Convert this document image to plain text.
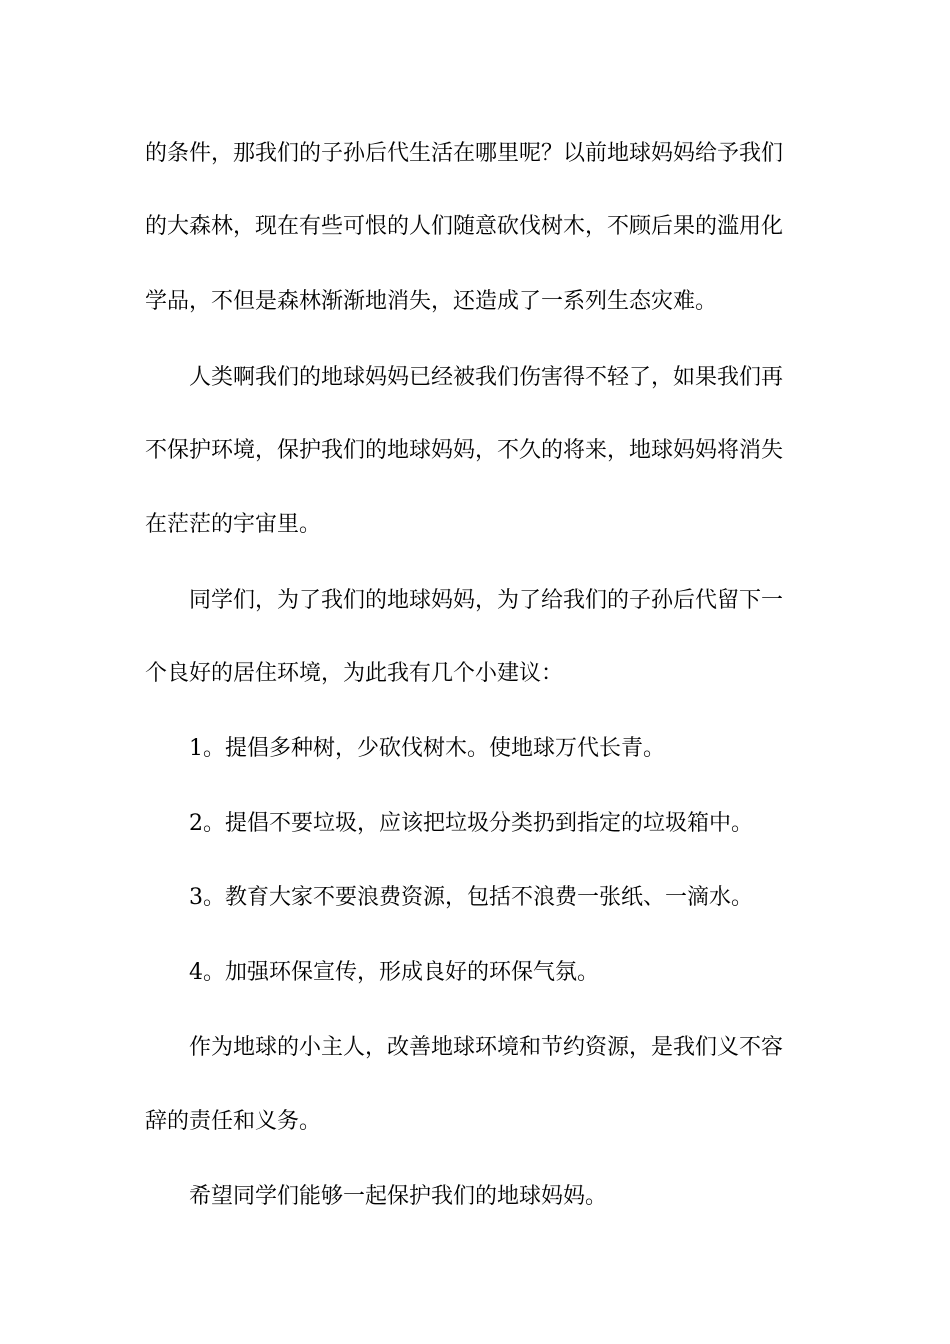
的条件，那我们的子孙后代生活在哪里呢？以前地球妈妈给予我们
的大森林，现在有些可恨的人们随意砍伐树木，不顾后果的滥用化
学品，不但是森林渐渐地消失，还造成了一系列生态灾难。
人类啊我们的地球妈妈已经被我们伤害得不轻了，如果我们再
不保护环境，保护我们的地球妈妈，不久的将来，地球妈妈将消失
在茫茫的宇宙里。
同学们，为了我们的地球妈妈，为了给我们的子孙后代留下一
个良好的居住环境，为此我有几个小建议：
1。提倡多种树，少砍伐树木。使地球万代长青。
2。提倡不要垃圾，应该把垃圾分类扔到指定的垃圾箱中。
3。教育大家不要浪费资源，包括不浪费一张纸、一滴水。
4。加强环保宣传，形成良好的环保气氛。
作为地球的小主人，改善地球环境和节约资源，是我们义不容
辞的责任和义务。
希望同学们能够一起保护我们的地球妈妈。
